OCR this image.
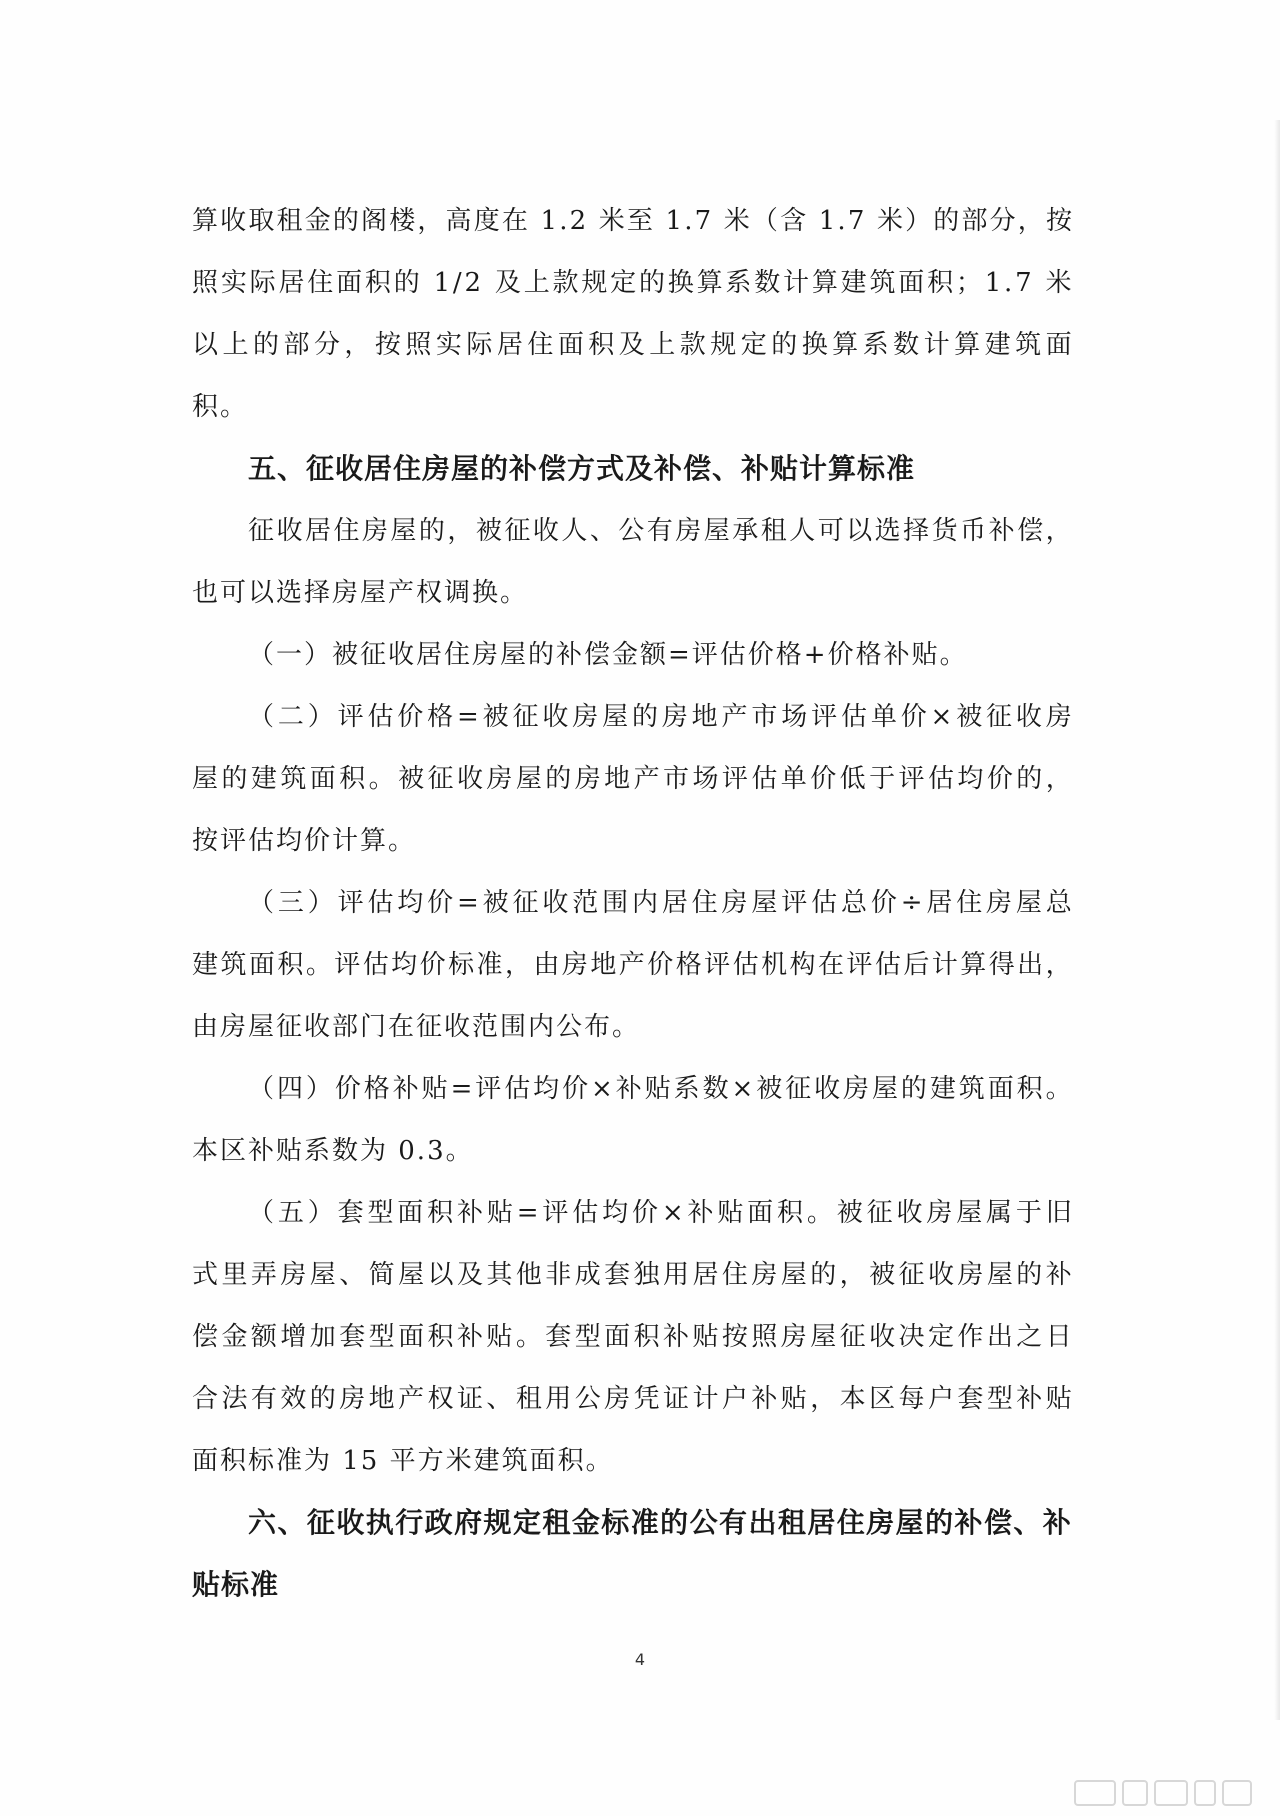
算 收 取 租 金 的 阁 楼 ， 高 度 在
1 . 2
米 至
1 . 7
米 （ 含
1 . 7
米 ） 的 部 分 ， 按
照 实 际 居 住 面 积 的
1 / 2
及 上 款 规 定 的 换 算 系 数 计 算 建 筑 面 积 ； 1 . 7
米
以 上 的 部 分 ， 按 照 实 际 居 住 面 积 及 上 款 规 定 的 换 算 系 数 计 算 建 筑 面
积。
五、征收居住房屋的补偿方式及补偿、补贴计算标准
征 收 居 住 房 屋 的 ， 被 征 收 人 、 公 有 房 屋 承 租 人 可 以 选 择 货 币 补 偿 ，
也可以选择房屋产权调换。
（一）被征收居住房屋的补偿金额=评估价格+价格补贴。
（ 二 ） 评 估 价 格 = 被 征 收 房 屋 的 房 地 产 市 场 评 估 单 价 × 被 征 收 房
屋 的 建 筑 面 积 。 被 征 收 房 屋 的 房 地 产 市 场 评 估 单 价 低 于 评 估 均 价 的 ，
按评估均价计算。
（ 三 ） 评 估 均 价 = 被 征 收 范 围 内 居 住 房 屋 评 估 总 价 ÷ 居 住 房 屋 总
建 筑 面 积 。 评 估 均 价 标 准 ， 由 房 地 产 价 格 评 估 机 构 在 评 估 后 计 算 得 出 ，
由房屋征收部门在征收范围内公布。
（ 四 ） 价 格 补 贴 = 评 估 均 价 × 补 贴 系 数 × 被 征 收 房 屋 的 建 筑 面 积 。
本区补贴系数为 0.3。
（ 五 ） 套 型 面 积 补 贴 = 评 估 均 价 × 补 贴 面 积 。 被 征 收 房 屋 属 于 旧
式 里 弄 房 屋 、 简 屋 以 及 其 他 非 成 套 独 用 居 住 房 屋 的 ， 被 征 收 房 屋 的 补
偿 金 额 增 加 套 型 面 积 补 贴 。 套 型 面 积 补 贴 按 照 房 屋 征 收 决 定 作 出 之 日
合 法 有 效 的 房 地 产 权 证 、 租 用 公 房 凭 证 计 户 补 贴 ， 本 区 每 户 套 型 补 贴
面积标准为 15 平方米建筑面积。
六 、 征 收 执 行 政 府 规 定 租 金 标 准 的 公 有 出 租 居 住 房 屋 的 补 偿 、 补
贴标准
4
